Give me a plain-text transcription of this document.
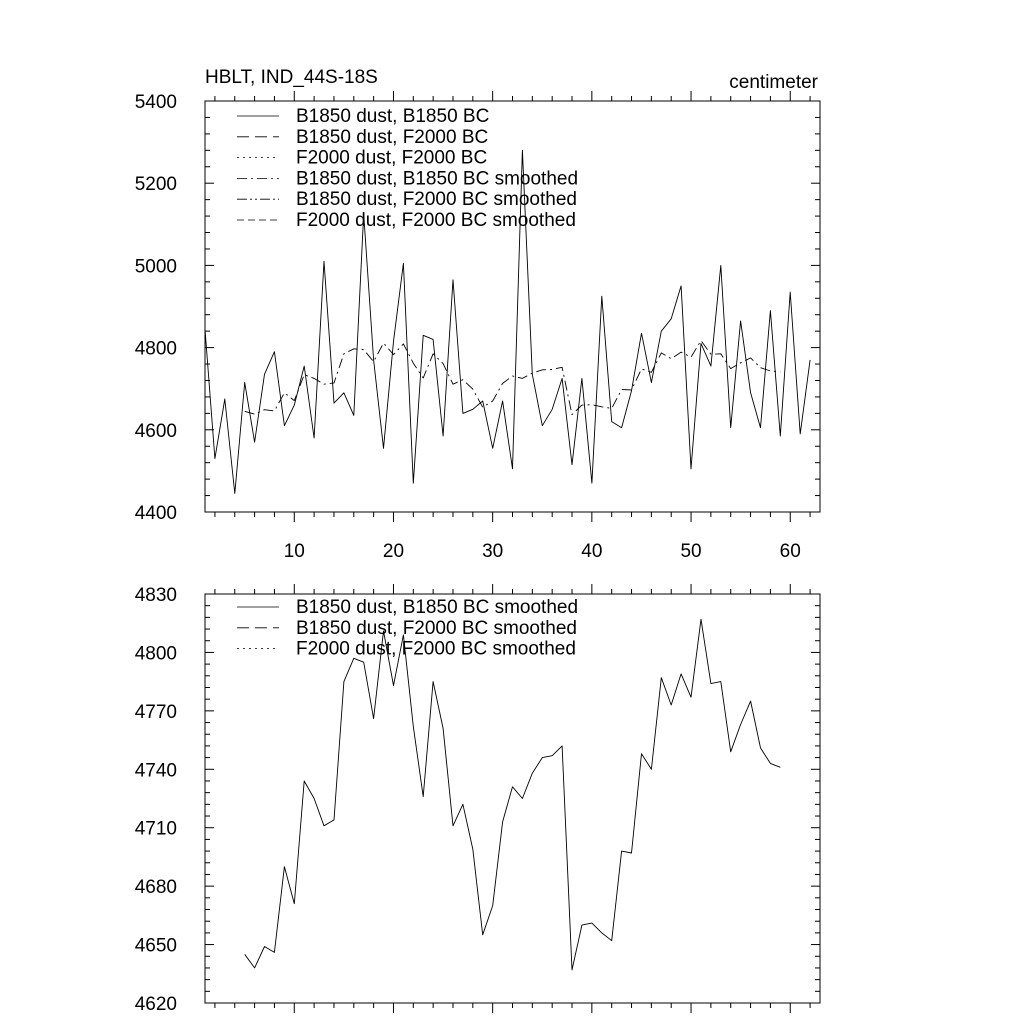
4400
4600
4800
5000
5200
5400
10	20	30	40	50	60
HBLT, IND_44S-18S	centimeter
B1850 dust, B1850 BC
B1850 dust, F2000 BC
F2000 dust, F2000 BC
B1850 dust, B1850 BC smoothed
B1850 dust, F2000 BC smoothed
F2000 dust, F2000 BC smoothed
4620
4650
4680
4710
4740
4770
4800
4830
B1850 dust, B1850 BC smoothed
B1850 dust, F2000 BC smoothed
F2000 dust, F2000 BC smoothed
